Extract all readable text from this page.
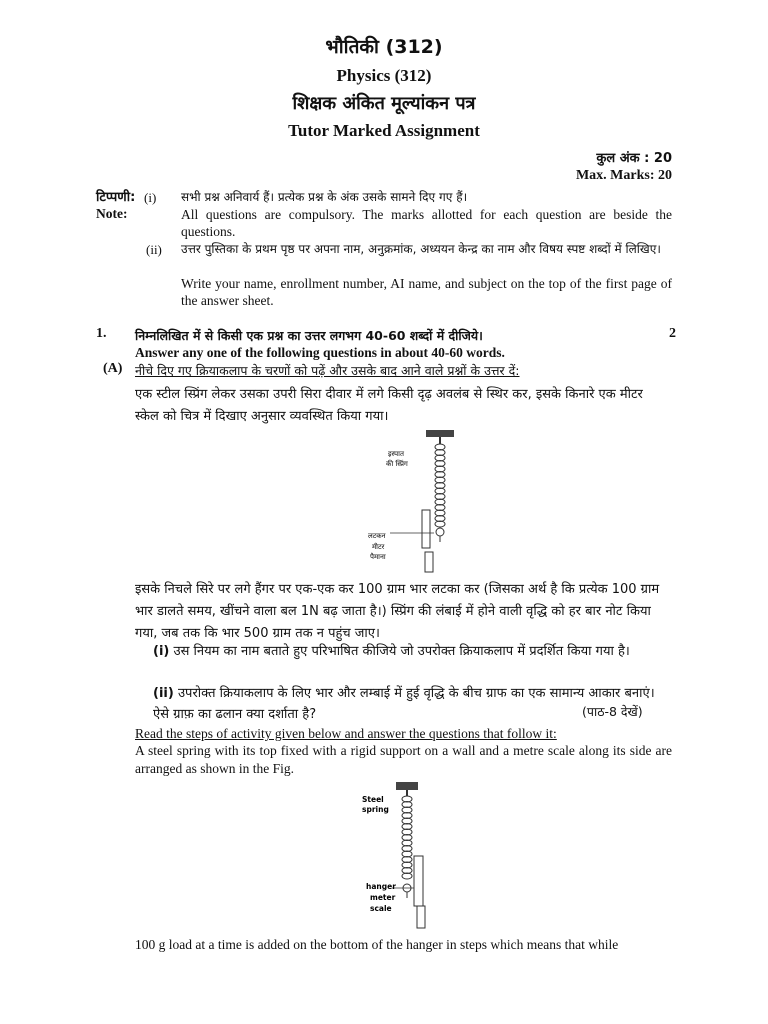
भौतिकी (312)
Physics (312)
शिक्षक अंकित मूल्यांकन पत्र
Tutor Marked Assignment
कुल अंक : 20
Max. Marks: 20
टिप्पणी: (i) सभी प्रश्न अनिवार्य हैं। प्रत्येक प्रश्न के अंक उसके सामने दिए गए हैं।
Note:	All questions are compulsory. The marks allotted for each question are beside the questions.
(ii) उत्तर पुस्तिका के प्रथम पृष्ठ पर अपना नाम, अनुक्रमांक, अध्ययन केन्द्र का नाम और विषय स्पष्ट शब्दों में लिखिए।
Write your name, enrollment number, AI name, and subject on the top of the first page of the answer sheet.
1.	2
निम्नलिखित में से किसी एक प्रश्न का उत्तर लगभग 40-60 शब्दों में दीजिये।
Answer any one of the following questions in about 40-60 words.
(A) नीचे दिए गए क्रियाकलाप के चरणों को पढ़ें और उसके बाद आने वाले प्रश्नों के उत्तर दें:
एक स्टील स्प्रिंग लेकर उसका उपरी सिरा दीवार में लगे किसी दृढ़ अवलंब से स्थिर कर, इसके किनारे एक मीटर स्केल को चित्र में दिखाए अनुसार व्यवस्थित किया गया।
इस्पात
की स्प्रिंग
लटकन
मीटर
पैमाना
इसके निचले सिरे पर लगे हैंगर पर एक-एक कर 100 ग्राम भार लटका कर (जिसका अर्थ है कि प्रत्येक 100 ग्राम भार डालते समय, खींचने वाला बल 1N बढ़ जाता है।) स्प्रिंग की लंबाई में होने वाली वृद्धि को हर बार नोट किया गया, जब तक कि भार 500 ग्राम तक न पहुंच जाए।
(i) उस नियम का नाम बताते हुए परिभाषित कीजिये जो उपरोक्त क्रियाकलाप में प्रदर्शित किया गया है।
(ii) उपरोक्त क्रियाकलाप के लिए भार और लम्बाई में हुई वृद्धि के बीच ग्राफ का एक सामान्य आकार बनाएं। ऐसे ग्राफ़ का ढलान क्या दर्शाता है?	(पाठ-8 देखें)
Read the steps of activity given below and answer the questions that follow it:
A steel spring with its top fixed with a rigid support on a wall and a metre scale along its side are arranged as shown in the Fig.
Steel
spring
hanger
meter
scale
100 g load at a time is added on the bottom of the hanger in steps which means that while
